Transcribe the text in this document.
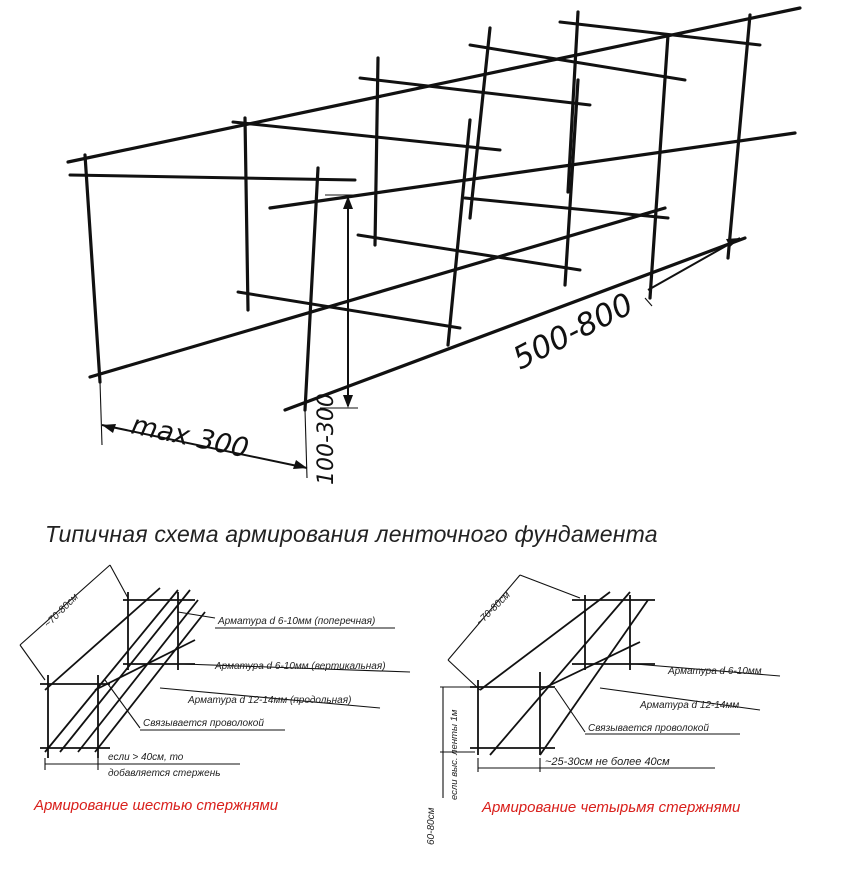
max 300	100-300
500-800
Типичная схема армирования ленточного фундамента
~70-80см	Арматура d 6-10мм (поперечная)
Арматура d 6-10мм (вертикальная)
Арматура d 12-14мм (продольная)
Связывается проволокой
если > 40см, то
добавляется стержень
Армирование шестью стержнями
~70-80см
Арматура d 6-10мм
Арматура d 12-14мм
Связывается проволокой
~25-30см не более 40см
60-80см
если выс. ленты 1м
Армирование четырьмя стержнями
